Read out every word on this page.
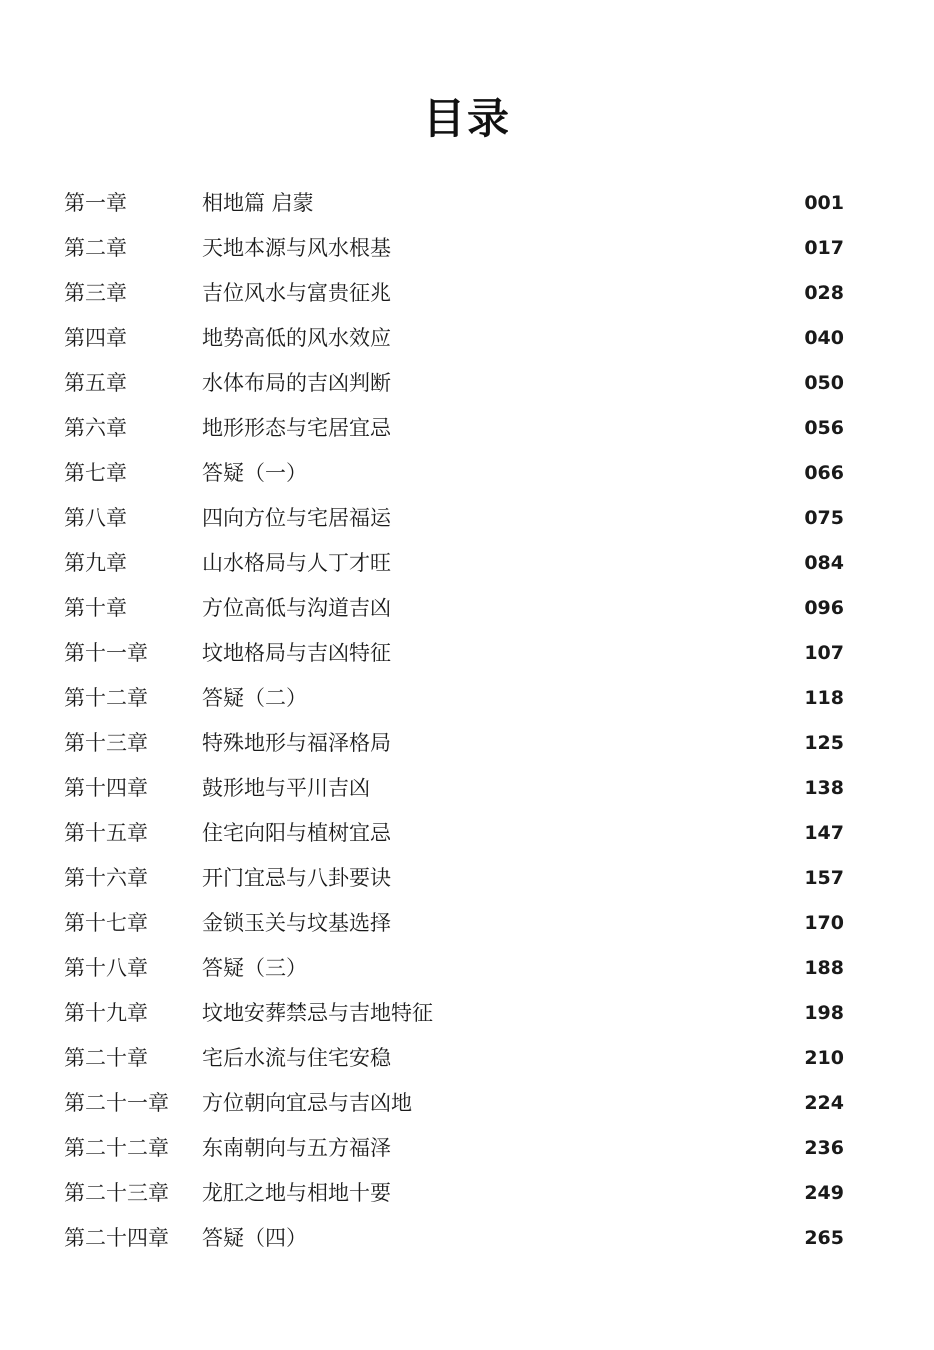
目录
第一章	相地篇 启蒙	001
第二章	天地本源与风水根基	017
第三章	吉位风水与富贵征兆	028
第四章	地势高低的风水效应	040
第五章	水体布局的吉凶判断	050
第六章	地形形态与宅居宜忌	056
第七章	答疑（一）	066
第八章	四向方位与宅居福运	075
第九章	山水格局与人丁才旺	084
第十章	方位高低与沟道吉凶	096
第十一章	坟地格局与吉凶特征	107
第十二章	答疑（二）	118
第十三章	特殊地形与福泽格局	125
第十四章	鼓形地与平川吉凶	138
第十五章	住宅向阳与植树宜忌	147
第十六章	开门宜忌与八卦要诀	157
第十七章	金锁玉关与坟基选择	170
第十八章	答疑（三）	188
第十九章	坟地安葬禁忌与吉地特征	198
第二十章	宅后水流与住宅安稳	210
第二十一章 方位朝向宜忌与吉凶地	224
第二十二章 东南朝向与五方福泽	236
第二十三章 龙肛之地与相地十要	249
第二十四章 答疑（四）	265
